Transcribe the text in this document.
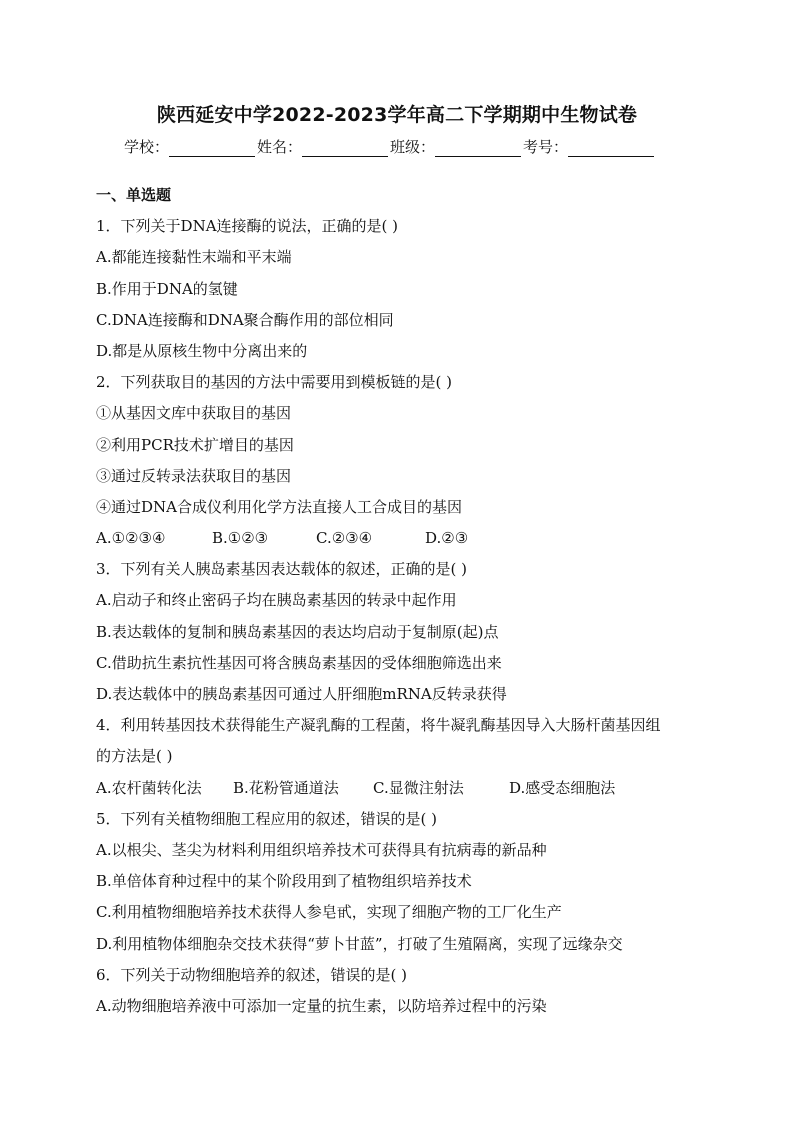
陕西延安中学2022-2023学年高二下学期期中生物试卷
学校：	姓名：	班级：	考号：
一、单选题
1．下列关于DNA连接酶的说法，正确的是( )
A.都能连接黏性末端和平末端
B.作用于DNA的氢键
C.DNA连接酶和DNA聚合酶作用的部位相同
D.都是从原核生物中分离出来的
2．下列获取目的基因的方法中需要用到模板链的是( )
①从基因文库中获取目的基因
②利用PCR技术扩增目的基因
③通过反转录法获取目的基因
④通过DNA合成仪利用化学方法直接人工合成目的基因
A.①②③④	B.①②③	C.②③④	D.②③
3．下列有关人胰岛素基因表达载体的叙述，正确的是( )
A.启动子和终止密码子均在胰岛素基因的转录中起作用
B.表达载体的复制和胰岛素基因的表达均启动于复制原(起)点
C.借助抗生素抗性基因可将含胰岛素基因的受体细胞筛选出来
D.表达载体中的胰岛素基因可通过人肝细胞mRNA反转录获得
4．利用转基因技术获得能生产凝乳酶的工程菌，将牛凝乳酶基因导入大肠杆菌基因组
的方法是( )
A.农杆菌转化法 B.花粉管通道法 C.显微注射法	D.感受态细胞法
5．下列有关植物细胞工程应用的叙述，错误的是( )
A.以根尖、茎尖为材料利用组织培养技术可获得具有抗病毒的新品种
B.单倍体育种过程中的某个阶段用到了植物组织培养技术
C.利用植物细胞培养技术获得人参皂甙，实现了细胞产物的工厂化生产
D.利用植物体细胞杂交技术获得“萝卜甘蓝”，打破了生殖隔离，实现了远缘杂交
6．下列关于动物细胞培养的叙述，错误的是( )
A.动物细胞培养液中可添加一定量的抗生素，以防培养过程中的污染
